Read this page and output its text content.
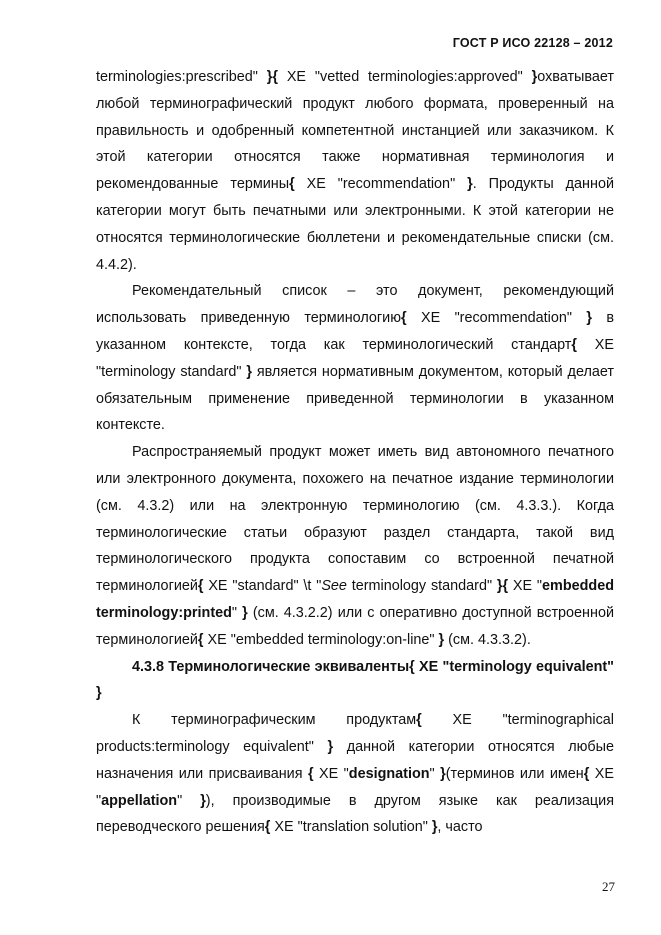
ГОСТ Р ИСО 22128 – 2012

terminologies:prescribed" }{ XE "vetted terminologies:approved" }охватывает любой терминографический продукт любого формата, проверенный на правильность и одобренный компетентной инстанцией или заказчиком. К этой категории относятся также нормативная терминология и рекомендованные термины{ XE "recommendation" }. Продукты данной категории могут быть печатными или электронными. К этой категории не относятся терминологические бюллетени и рекомендательные списки (см. 4.4.2).

Рекомендательный список – это документ, рекомендующий использовать приведенную терминологию{ XE "recommendation" } в указанном контексте, тогда как терминологический стандарт{ XE "terminology standard" } является нормативным документом, который делает обязательным применение приведенной терминологии в указанном контексте.

Распространяемый продукт может иметь вид автономного печатного или электронного документа, похожего на печатное издание терминологии (см. 4.3.2) или на электронную терминологию (см. 4.3.3.). Когда терминологические статьи образуют раздел стандарта, такой вид терминологического продукта сопоставим со встроенной печатной терминологией{ XE "standard" \t "See terminology standard" }{ XE "embedded terminology:printed" } (см. 4.3.2.2) или с оперативно доступной встроенной терминологией{ XE "embedded terminology:on-line" } (см. 4.3.3.2).

4.3.8 Терминологические эквиваленты{ XE "terminology equivalent" }

К терминографическим продуктам{ XE "terminographical products:terminology equivalent" } данной категории относятся любые назначения или присваивания { XE "designation" }(терминов или имен{ XE "appellation" }), производимые в другом языке как реализация переводческого решения{ XE "translation solution" }, часто

27
